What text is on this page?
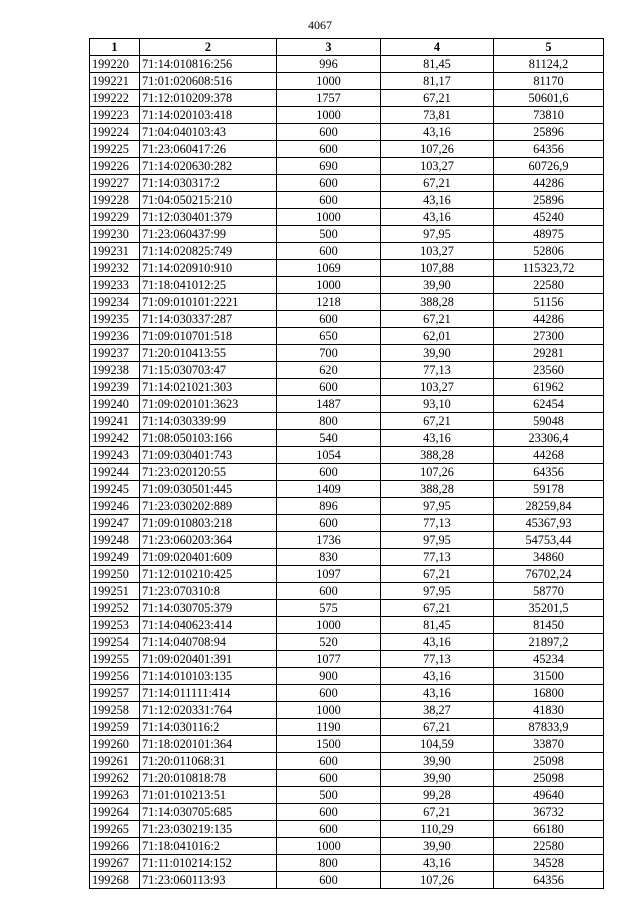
4067
1	2	3	4	5
199220	71:14:010816:256	996	81,45	81124,2
199221	71:01:020608:516	1000	81,17	81170
199222	71:12:010209:378	1757	67,21	50601,6
199223	71:14:020103:418	1000	73,81	73810
199224	71:04:040103:43	600	43,16	25896
199225	71:23:060417:26	600	107,26	64356
199226	71:14:020630:282	690	103,27	60726,9
199227	71:14:030317:2	600	67,21	44286
199228	71:04:050215:210	600	43,16	25896
199229	71:12:030401:379	1000	43,16	45240
199230	71:23:060437:99	500	97,95	48975
199231	71:14:020825:749	600	103,27	52806
199232	71:14:020910:910	1069	107,88	115323,72
199233	71:18:041012:25	1000	39,90	22580
199234	71:09:010101:2221	1218	388,28	51156
199235	71:14:030337:287	600	67,21	44286
199236	71:09:010701:518	650	62,01	27300
199237	71:20:010413:55	700	39,90	29281
199238	71:15:030703:47	620	77,13	23560
199239	71:14:021021:303	600	103,27	61962
199240	71:09:020101:3623	1487	93,10	62454
199241	71:14:030339:99	800	67,21	59048
199242	71:08:050103:166	540	43,16	23306,4
199243	71:09:030401:743	1054	388,28	44268
199244	71:23:020120:55	600	107,26	64356
199245	71:09:030501:445	1409	388,28	59178
199246	71:23:030202:889	896	97,95	28259,84
199247	71:09:010803:218	600	77,13	45367,93
199248	71:23:060203:364	1736	97,95	54753,44
199249	71:09:020401:609	830	77,13	34860
199250	71:12:010210:425	1097	67,21	76702,24
199251	71:23:070310:8	600	97,95	58770
199252	71:14:030705:379	575	67,21	35201,5
199253	71:14:040623:414	1000	81,45	81450
199254	71:14:040708:94	520	43,16	21897,2
199255	71:09:020401:391	1077	77,13	45234
199256	71:14:010103:135	900	43,16	31500
199257	71:14:011111:414	600	43,16	16800
199258	71:12:020331:764	1000	38,27	41830
199259	71:14:030116:2	1190	67,21	87833,9
199260	71:18:020101:364	1500	104,59	33870
199261	71:20:011068:31	600	39,90	25098
199262	71:20:010818:78	600	39,90	25098
199263	71:01:010213:51	500	99,28	49640
199264	71:14:030705:685	600	67,21	36732
199265	71:23:030219:135	600	110,29	66180
199266	71:18:041016:2	1000	39,90	22580
199267	71:11:010214:152	800	43,16	34528
199268	71:23:060113:93	600	107,26	64356
